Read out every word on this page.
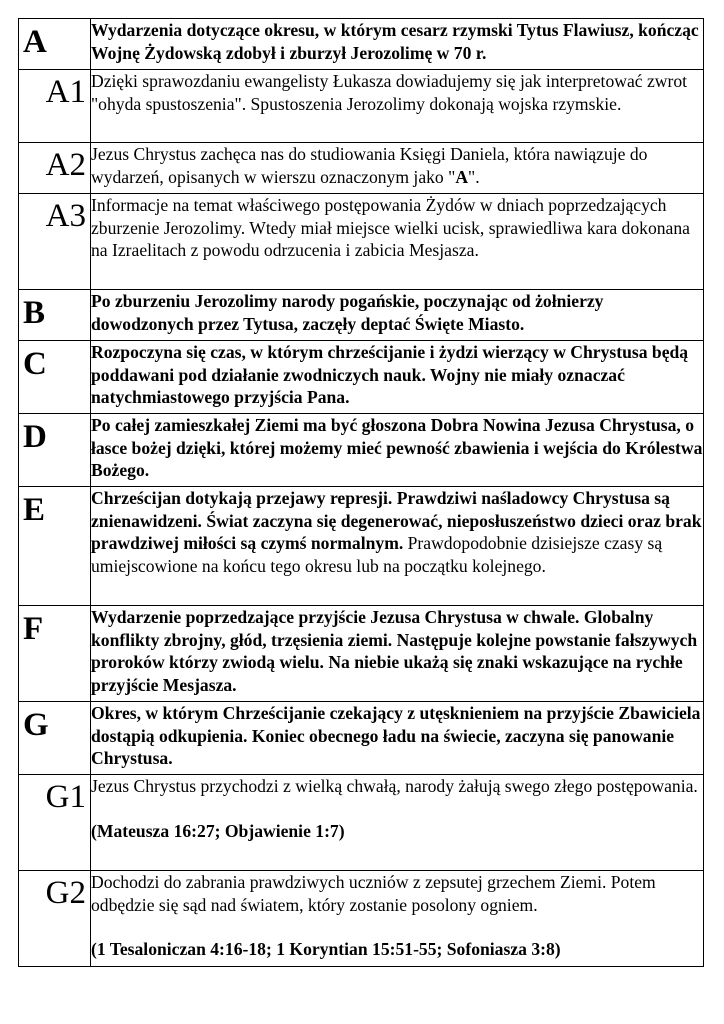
A	Wydarzenia dotyczące okresu, w którym cesarz rzymski Tytus Flawiusz, kończąc Wojnę Żydowską zdobył i zburzył Jerozolimę w 70 r.

A1	Dzięki sprawozdaniu ewangelisty Łukasza dowiadujemy się jak interpretować zwrot "ohyda spustoszenia". Spustoszenia Jerozolimy dokonają wojska rzymskie.

A2	Jezus Chrystus zachęca nas do studiowania Księgi Daniela, która nawiązuje do wydarzeń, opisanych w wierszu oznaczonym jako "A".

A3	Informacje na temat właściwego postępowania Żydów w dniach poprzedzających zburzenie Jerozolimy. Wtedy miał miejsce wielki ucisk, sprawiedliwa kara dokonana na Izraelitach z powodu odrzucenia i zabicia Mesjasza.

B	Po zburzeniu Jerozolimy narody pogańskie, poczynając od żołnierzy dowodzonych przez Tytusa, zaczęły deptać Święte Miasto.

C	Rozpoczyna się czas, w którym chrześcijanie i żydzi wierzący w Chrystusa będą poddawani pod działanie zwodniczych nauk. Wojny nie miały oznaczać natychmiastowego przyjścia Pana.

D	Po całej zamieszkałej Ziemi ma być głoszona Dobra Nowina Jezusa Chrystusa, o łasce bożej dzięki, której możemy mieć pewność zbawienia i wejścia do Królestwa Bożego.

E	Chrześcijan dotykają przejawy represji. Prawdziwi naśladowcy Chrystusa są znienawidzeni. Świat zaczyna się degenerować, nieposłuszeństwo dzieci oraz brak prawdziwej miłości są czymś normalnym. Prawdopodobnie dzisiejsze czasy są umiejscowione na końcu tego okresu lub na początku kolejnego.

F	Wydarzenie poprzedzające przyjście Jezusa Chrystusa w chwale. Globalny konflikty zbrojny, głód, trzęsienia ziemi. Następuje kolejne powstanie fałszywych proroków którzy zwiodą wielu. Na niebie ukażą się znaki wskazujące na rychłe przyjście Mesjasza.

G	Okres, w którym Chrześcijanie czekający z utęsknieniem na przyjście Zbawiciela dostąpią odkupienia. Koniec obecnego ładu na świecie, zaczyna się panowanie Chrystusa.

G1	Jezus Chrystus przychodzi z wielką chwałą, narody żałują swego złego postępowania.
(Mateusza 16:27; Objawienie 1:7)

G2	Dochodzi do zabrania prawdziwych uczniów z zepsutej grzechem Ziemi. Potem odbędzie się sąd nad światem, który zostanie posolony ogniem.
(1 Tesaloniczan 4:16-18; 1 Koryntian 15:51-55; Sofoniasza 3:8)
